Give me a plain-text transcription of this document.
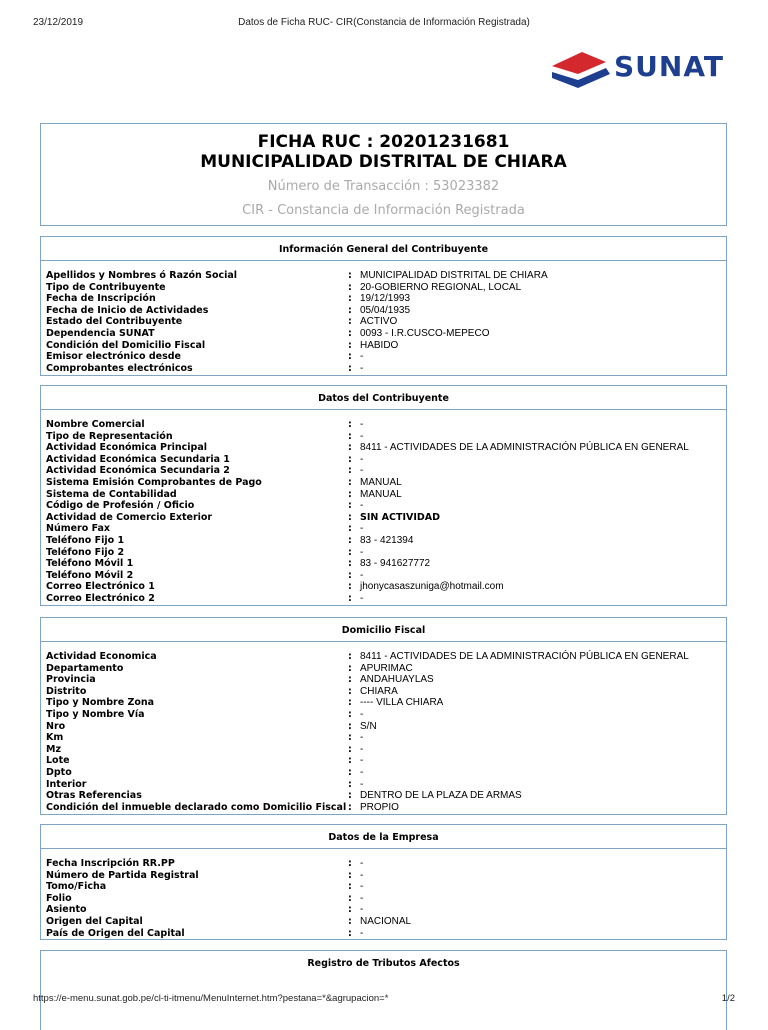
23/12/2019	Datos de Ficha RUC- CIR(Constancia de Información Registrada)
SUNAT
FICHA RUC : 20201231681
MUNICIPALIDAD DISTRITAL DE CHIARA
Número de Transacción : 53023382
CIR - Constancia de Información Registrada
Información General del Contribuyente
Apellidos y Nombres ó Razón Social	: MUNICIPALIDAD DISTRITAL DE CHIARA
Tipo de Contribuyente	: 20-GOBIERNO REGIONAL, LOCAL
Fecha de Inscripción	: 19/12/1993
Fecha de Inicio de Actividades	: 05/04/1935
Estado del Contribuyente	: ACTIVO
Dependencia SUNAT	: 0093 - I.R.CUSCO-MEPECO
Condición del Domicilio Fiscal	: HABIDO
Emisor electrónico desde	: -
Comprobantes electrónicos	: -
Datos del Contribuyente
Nombre Comercial	: -
Tipo de Representación	: -
Actividad Económica Principal	: 8411 - ACTIVIDADES DE LA ADMINISTRACIÓN PÚBLICA EN GENERAL
Actividad Económica Secundaria 1	: -
Actividad Económica Secundaria 2	: -
Sistema Emisión Comprobantes de Pago	: MANUAL
Sistema de Contabilidad	: MANUAL
Código de Profesión / Oficio	: -
Actividad de Comercio Exterior	: SIN ACTIVIDAD
Número Fax	: -
Teléfono Fijo 1	: 83 - 421394
Teléfono Fijo 2	: -
Teléfono Móvil 1	: 83 - 941627772
Teléfono Móvil 2	: -
Correo Electrónico 1	: jhonycasaszuniga@hotmail.com
Correo Electrónico 2	: -
Domicilio Fiscal
Actividad Economica	: 8411 - ACTIVIDADES DE LA ADMINISTRACIÓN PÚBLICA EN GENERAL
Departamento	: APURIMAC
Provincia	: ANDAHUAYLAS
Distrito	: CHIARA
Tipo y Nombre Zona	: ---- VILLA CHIARA
Tipo y Nombre Vía	: -
Nro	: S/N
Km	: -
Mz	: -
Lote	: -
Dpto	: -
Interior	: -
Otras Referencias	: DENTRO DE LA PLAZA DE ARMAS
Condición del inmueble declarado como Domicilio Fiscal : PROPIO
Datos de la Empresa
Fecha Inscripción RR.PP	: -
Número de Partida Registral	: -
Tomo/Ficha	: -
Folio	: -
Asiento	: -
Origen del Capital	: NACIONAL
País de Origen del Capital	: -
Registro de Tributos Afectos
https://e-menu.sunat.gob.pe/cl-ti-itmenu/MenuInternet.htm?pestana=*&agrupacion=*	1/2
